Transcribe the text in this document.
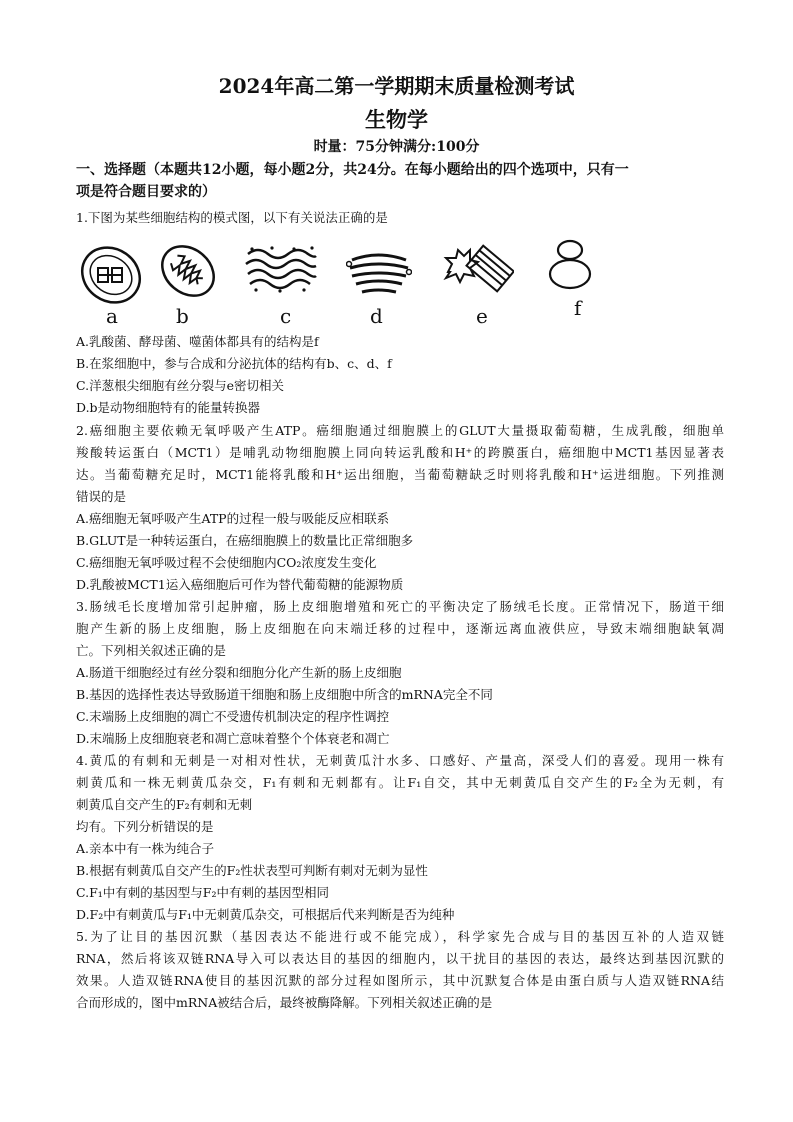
2024年高二第一学期期末质量检测考试
生物学
时量：75分钟满分:100分
一、选择题（本题共12小题，每小题2分，共24分。在每小题给出的四个选项中，只有一
项是符合题目要求的）
1.下图为某些细胞结构的模式图，以下有关说法正确的是
a	b	c	d	e	f
A.乳酸菌、酵母菌、噬菌体都具有的结构是f
B.在浆细胞中，参与合成和分泌抗体的结构有b、c、d、f
C.洋葱根尖细胞有丝分裂与e密切相关
D.b是动物细胞特有的能量转换器
2.癌细胞主要依赖无氧呼吸产生ATP。癌细胞通过细胞膜上的GLUT大量摄取葡萄糖，生成乳酸，细胞单
羧酸转运蛋白（MCT1）是哺乳动物细胞膜上同向转运乳酸和H⁺的跨膜蛋白，癌细胞中MCT1基因显著表
达。当葡萄糖充足时，MCT1能将乳酸和H⁺运出细胞，当葡萄糖缺乏时则将乳酸和H⁺运进细胞。下列推测
错误的是
A.癌细胞无氧呼吸产生ATP的过程一般与吸能反应相联系
B.GLUT是一种转运蛋白，在癌细胞膜上的数量比正常细胞多
C.癌细胞无氧呼吸过程不会使细胞内CO₂浓度发生变化
D.乳酸被MCT1运入癌细胞后可作为替代葡萄糖的能源物质
3.肠绒毛长度增加常引起肿瘤，肠上皮细胞增殖和死亡的平衡决定了肠绒毛长度。正常情况下，肠道干细
胞产生新的肠上皮细胞，肠上皮细胞在向末端迁移的过程中，逐渐远离血液供应，导致末端细胞缺氧凋
亡。下列相关叙述正确的是
A.肠道干细胞经过有丝分裂和细胞分化产生新的肠上皮细胞
B.基因的选择性表达导致肠道干细胞和肠上皮细胞中所含的mRNA完全不同
C.末端肠上皮细胞的凋亡不受遗传机制决定的程序性调控
D.末端肠上皮细胞衰老和凋亡意味着整个个体衰老和凋亡
4.黄瓜的有刺和无刺是一对相对性状，无刺黄瓜汁水多、口感好、产量高，深受人们的喜爱。现用一株有
刺黄瓜和一株无刺黄瓜杂交，F₁有刺和无刺都有。让F₁自交，其中无刺黄瓜自交产生的F₂全为无刺，有
刺黄瓜自交产生的F₂有刺和无刺
均有。下列分析错误的是
A.亲本中有一株为纯合子
B.根据有刺黄瓜自交产生的F₂性状表型可判断有刺对无刺为显性
C.F₁中有刺的基因型与F₂中有刺的基因型相同
D.F₂中有刺黄瓜与F₁中无刺黄瓜杂交，可根据后代来判断是否为纯种
5.为了让目的基因沉默（基因表达不能进行或不能完成），科学家先合成与目的基因互补的人造双链
RNA，然后将该双链RNA导入可以表达目的基因的细胞内，以干扰目的基因的表达，最终达到基因沉默的
效果。人造双链RNA使目的基因沉默的部分过程如图所示，其中沉默复合体是由蛋白质与人造双链RNA结
合而形成的，图中mRNA被结合后，最终被酶降解。下列相关叙述正确的是
